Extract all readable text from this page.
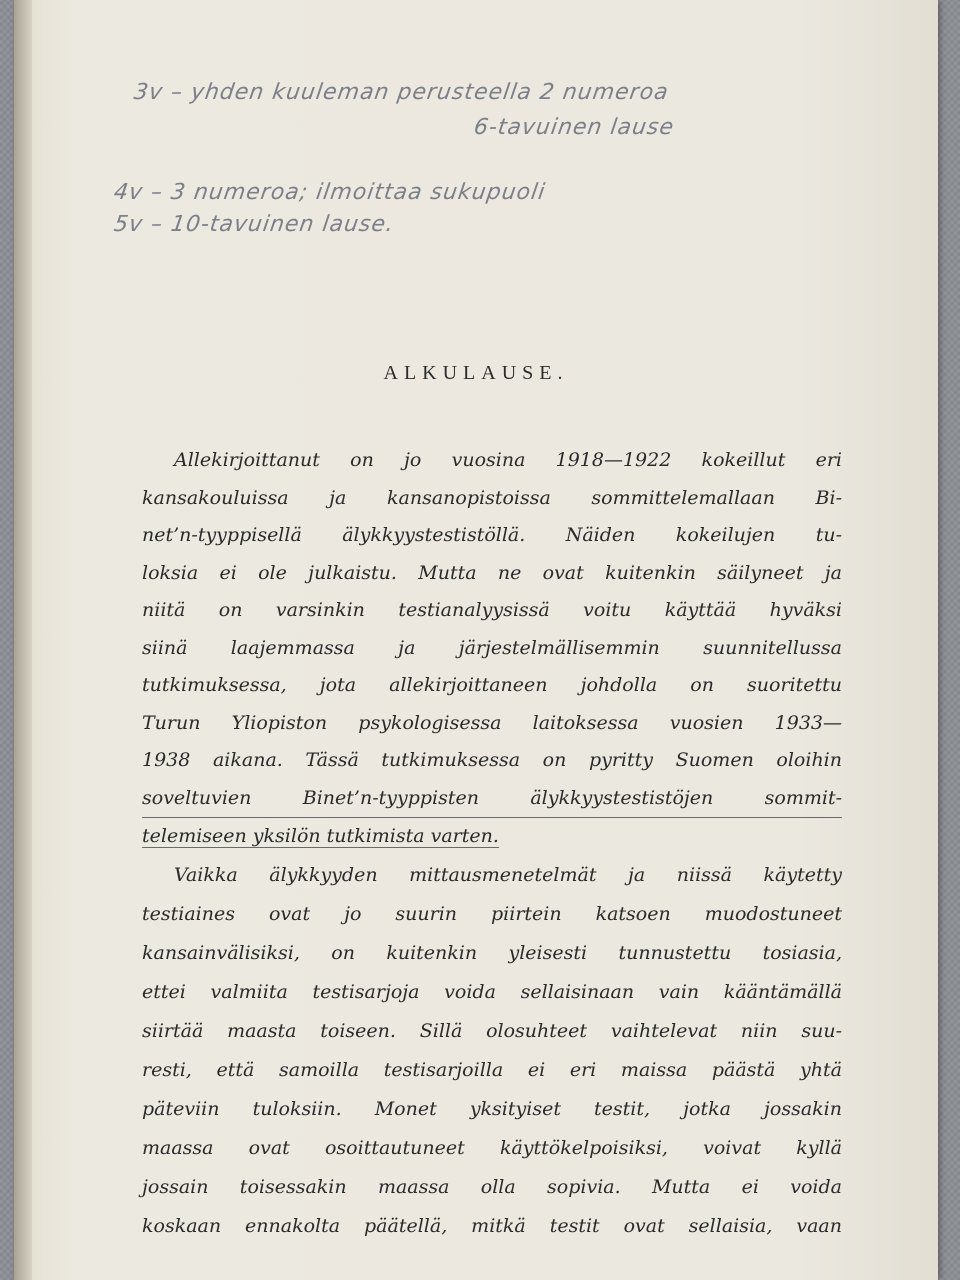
3v – yhden kuuleman perusteella 2 numeroa
6-tavuinen lause
4v – 3 numeroa; ilmoittaa sukupuoli
5v – 10-tavuinen lause.
ALKULAUSE.
Allekirjoittanut on jo vuosina 1918—1922 kokeillut eri
kansakouluissa ja kansanopistoissa sommittelemallaan Bi-
net’n-tyyppisellä älykkyystestistöllä. Näiden kokeilujen tu-
loksia ei ole julkaistu. Mutta ne ovat kuitenkin säilyneet ja
niitä on varsinkin testianalyysissä voitu käyttää hyväksi
siinä laajemmassa ja järjestelmällisemmin suunnitellussa
tutkimuksessa, jota allekirjoittaneen johdolla on suoritettu
Turun Yliopiston psykologisessa laitoksessa vuosien 1933—
1938 aikana. Tässä tutkimuksessa on pyritty Suomen oloihin
soveltuvien Binet’n-tyyppisten älykkyystestistöjen sommit-
telemiseen yksilön tutkimista varten.
Vaikka älykkyyden mittausmenetelmät ja niissä käytetty
testiaines ovat jo suurin piirtein katsoen muodostuneet
kansainvälisiksi, on kuitenkin yleisesti tunnustettu tosiasia,
ettei valmiita testisarjoja voida sellaisinaan vain kääntämällä
siirtää maasta toiseen. Sillä olosuhteet vaihtelevat niin suu-
resti, että samoilla testisarjoilla ei eri maissa päästä yhtä
päteviin tuloksiin. Monet yksityiset testit, jotka jossakin
maassa ovat osoittautuneet käyttökelpoisiksi, voivat kyllä
jossain toisessakin maassa olla sopivia. Mutta ei voida
koskaan ennakolta päätellä, mitkä testit ovat sellaisia, vaan
